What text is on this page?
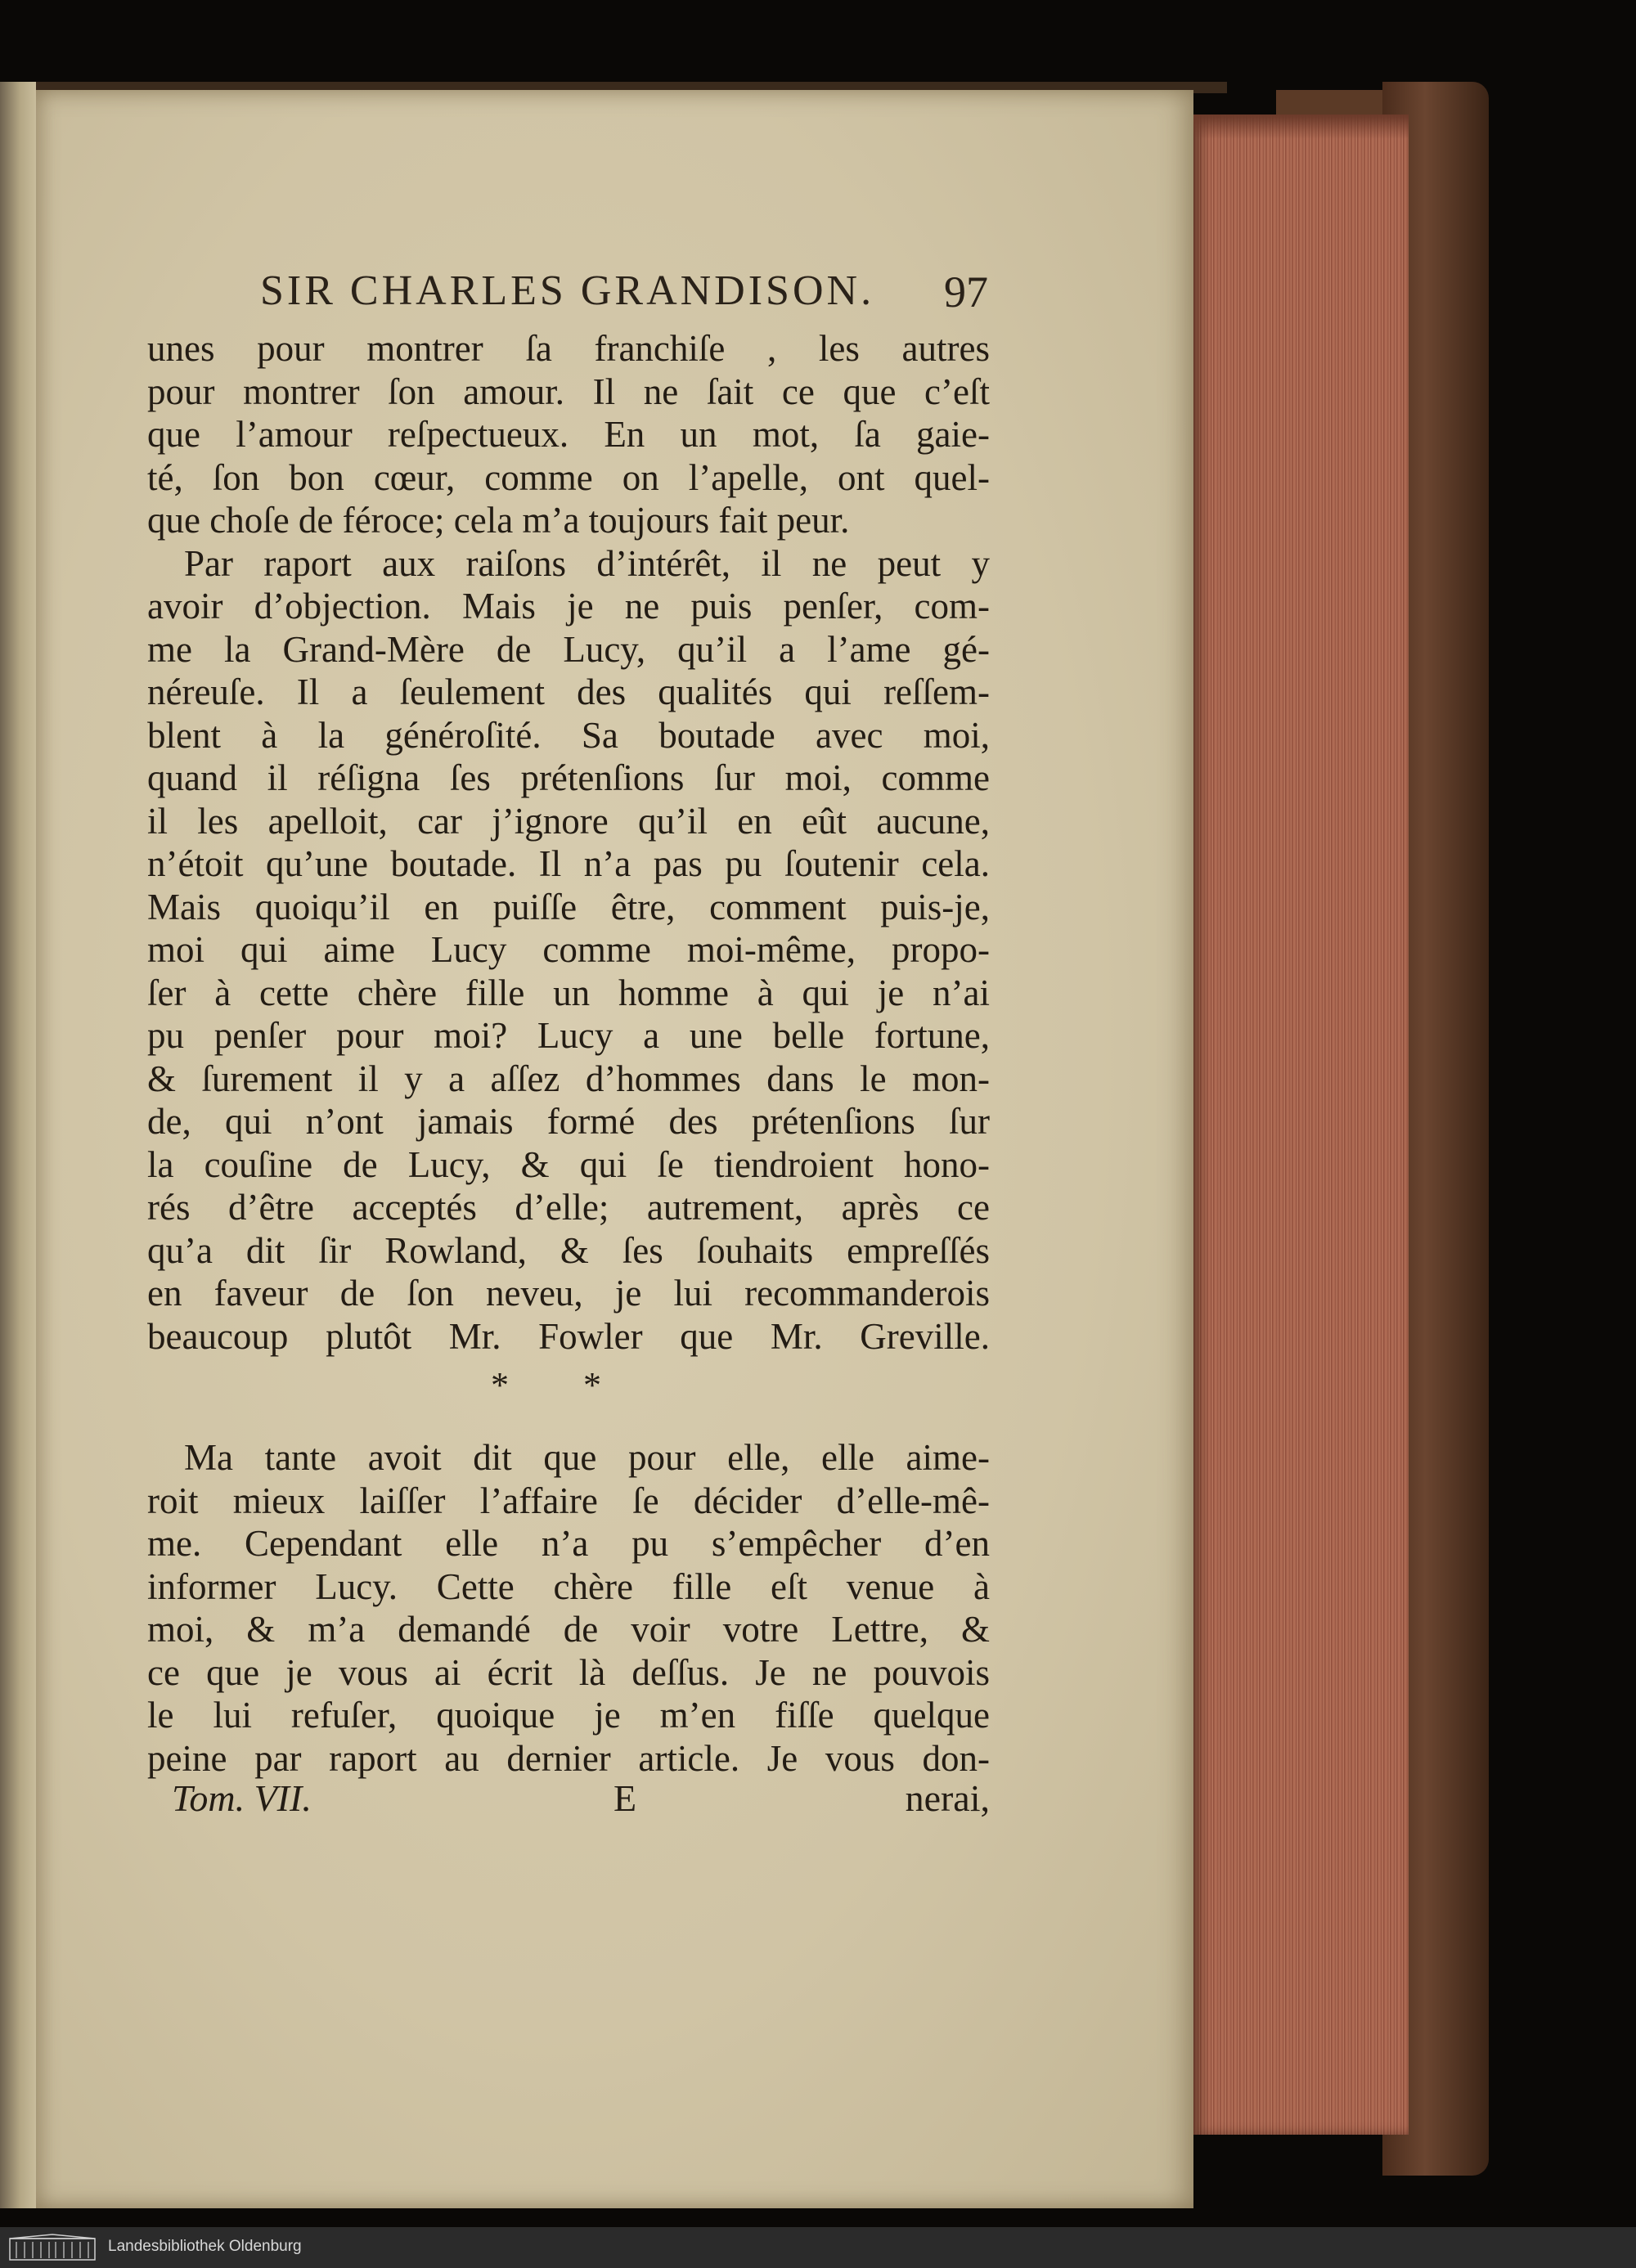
SIR CHARLES GRANDISON. 97
unes pour montrer ſa franchiſe , les autres
pour montrer ſon amour. Il ne ſait ce que c’eſt
que l’amour reſpectueux. En un mot, ſa gaie-
té, ſon bon cœur, comme on l’apelle, ont quel-
que choſe de féroce; cela m’a toujours fait peur.
Par raport aux raiſons d’intérêt, il ne peut y
avoir d’objection. Mais je ne puis penſer, com-
me la Grand-Mère de Lucy, qu’il a l’ame gé-
néreuſe. Il a ſeulement des qualités qui reſſem-
blent à la généroſité. Sa boutade avec moi,
quand il réſigna ſes prétenſions ſur moi, comme
il les apelloit, car j’ignore qu’il en eût aucune,
n’étoit qu’une boutade. Il n’a pas pu ſoutenir cela.
Mais quoiqu’il en puiſſe être, comment puis-je,
moi qui aime Lucy comme moi-même, propo-
ſer à cette chère fille un homme à qui je n’ai
pu penſer pour moi? Lucy a une belle fortune,
& ſurement il y a aſſez d’hommes dans le mon-
de, qui n’ont jamais formé des prétenſions ſur
la couſine de Lucy, & qui ſe tiendroient hono-
rés d’être acceptés d’elle; autrement, après ce
qu’a dit ſir Rowland, & ſes ſouhaits empreſſés
en faveur de ſon neveu, je lui recommanderois
beaucoup plutôt Mr. Fowler que Mr. Greville.
* *
Ma tante avoit dit que pour elle, elle aime-
roit mieux laiſſer l’affaire ſe décider d’elle-mê-
me. Cependant elle n’a pu s’empêcher d’en
informer Lucy. Cette chère fille eſt venue à
moi, & m’a demandé de voir votre Lettre, &
ce que je vous ai écrit là deſſus. Je ne pouvois
le lui refuſer, quoique je m’en fiſſe quelque
peine par raport au dernier article. Je vous don-
Tom. VII.	E	nerai,
Landesbibliothek Oldenburg
